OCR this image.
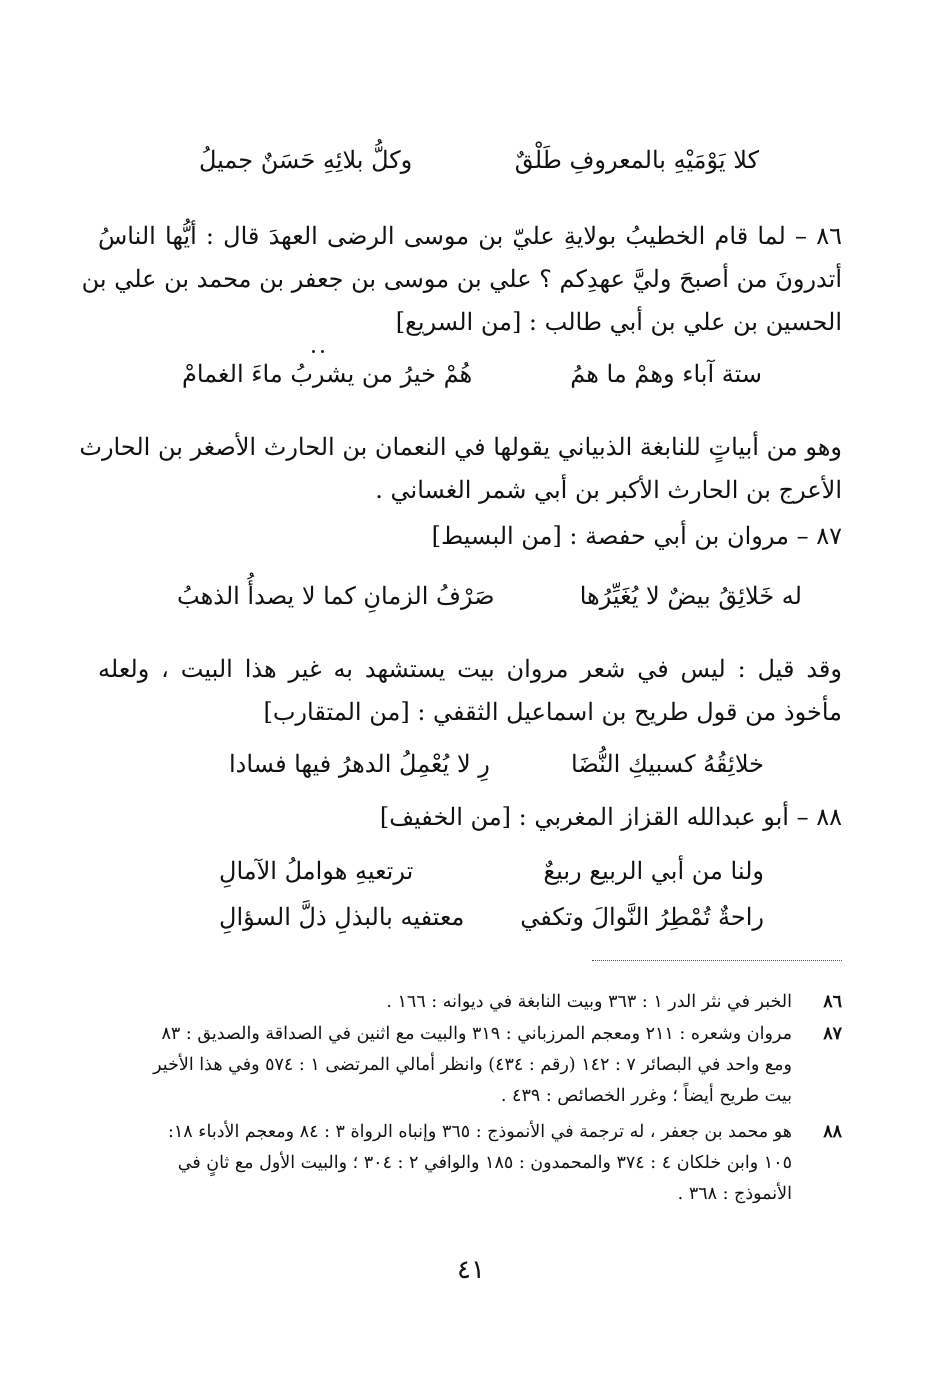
كلا يَوْمَيْهِ بالمعروفِ طَلْقٌ
وكلُّ بلائِهِ حَسَنٌ جميلُ
٨٦ – لما قام الخطيبُ بولايةِ عليّ بن موسى الرضى العهدَ قال : أيُّها الناسُ
أتدرونَ من أصبحَ وليَّ عهدِكم ؟ علي بن موسى بن جعفر بن محمد بن علي بن
الحسين بن علي بن أبي طالب : [من السريع]
ستة آباء وهمْ ما همُ
هُمْ خيرُ من يشربُ ماءَ الغمامْ
وهو من أبياتٍ للنابغة الذبياني يقولها في النعمان بن الحارث الأصغر بن الحارث
الأعرج بن الحارث الأكبر بن أبي شمر الغساني .
٨٧ – مروان بن أبي حفصة : [من البسيط]
له خَلائِقُ بيضٌ لا يُغَيِّرُها
صَرْفُ الزمانِ كما لا يصدأُ الذهبُ
وقد قيل : ليس في شعر مروان بيت يستشهد به غير هذا البيت ، ولعله
مأخوذ من قول طريح بن اسماعيل الثقفي : [من المتقارب]
خلائِقُهُ كسبيكِ النُّضَا
رِ لا يُعْمِلُ الدهرُ فيها فسادا
٨٨ – أبو عبدالله القزاز المغربي : [من الخفيف]
ولنا من أبي الربيع ربيعٌ
ترتعيهِ هواملُ الآمالِ
راحةٌ تُمْطِرُ النَّوالَ وتكفي
معتفيه بالبذلِ ذلَّ السؤالِ
٨٦
الخبر في نثر الدر ١ : ٣٦٣ وبيت النابغة في ديوانه : ١٦٦ .
٨٧
مروان وشعره : ٢١١ ومعجم المرزباني : ٣١٩ والبيت مع اثنين في الصداقة والصديق : ٨٣
ومع واحد في البصائر ٧ : ١٤٢ (رقم : ٤٣٤) وانظر أمالي المرتضى ١ : ٥٧٤ وفي هذا الأخير
بيت طريح أيضاً ؛ وغرر الخصائص : ٤٣٩ .
٨٨
هو محمد بن جعفر ، له ترجمة في الأنموذج : ٣٦٥ وإنباه الرواة ٣ : ٨٤ ومعجم الأدباء ١٨:
١٠٥ وابن خلكان ٤ : ٣٧٤ والمحمدون : ١٨٥ والوافي ٢ : ٣٠٤ ؛ والبيت الأول مع ثانٍ في
الأنموذج : ٣٦٨ .
٤١
